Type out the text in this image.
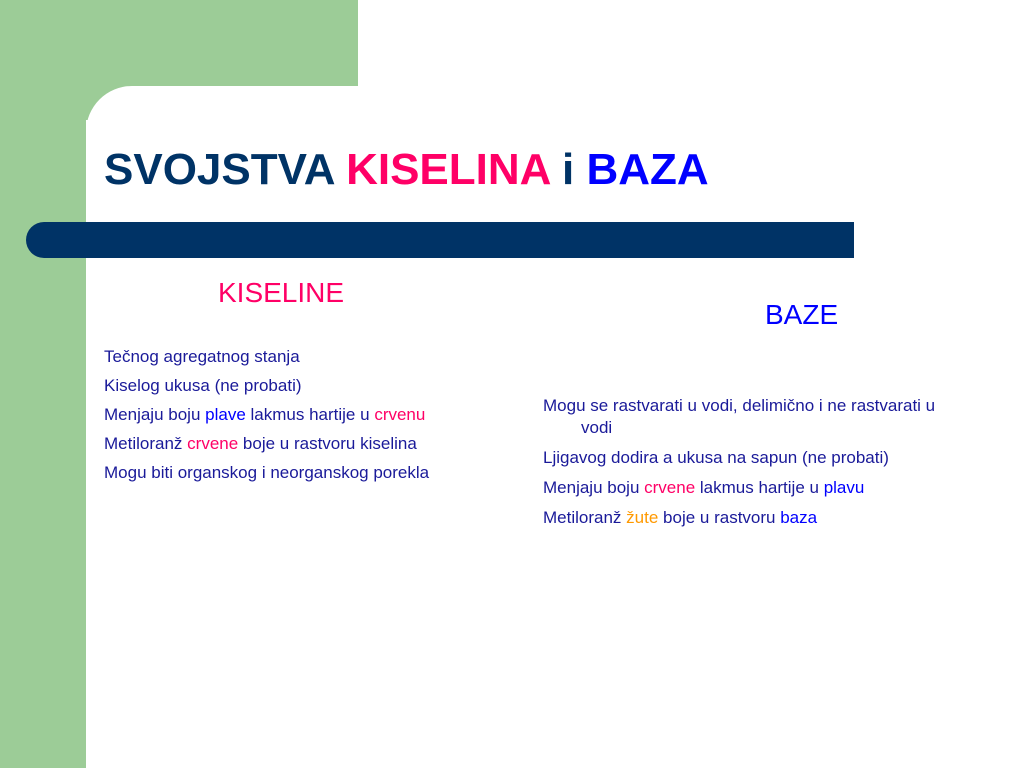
SVOJSTVA KISELINA i BAZA
KISELINE
BAZE
Tečnog agregatnog stanja
Kiselog ukusa (ne probati)
Menjaju boju plave lakmus hartije u crvenu
Metiloranž crvene boje u rastvoru kiselina
Mogu biti organskog i neorganskog porekla
Mogu se rastvarati u vodi, delimično i ne rastvarati u vodi
Ljigavog dodira a ukusa na sapun (ne probati)
Menjaju boju crvene lakmus hartije u plavu
Metiloranž žute boje u rastvoru baza
